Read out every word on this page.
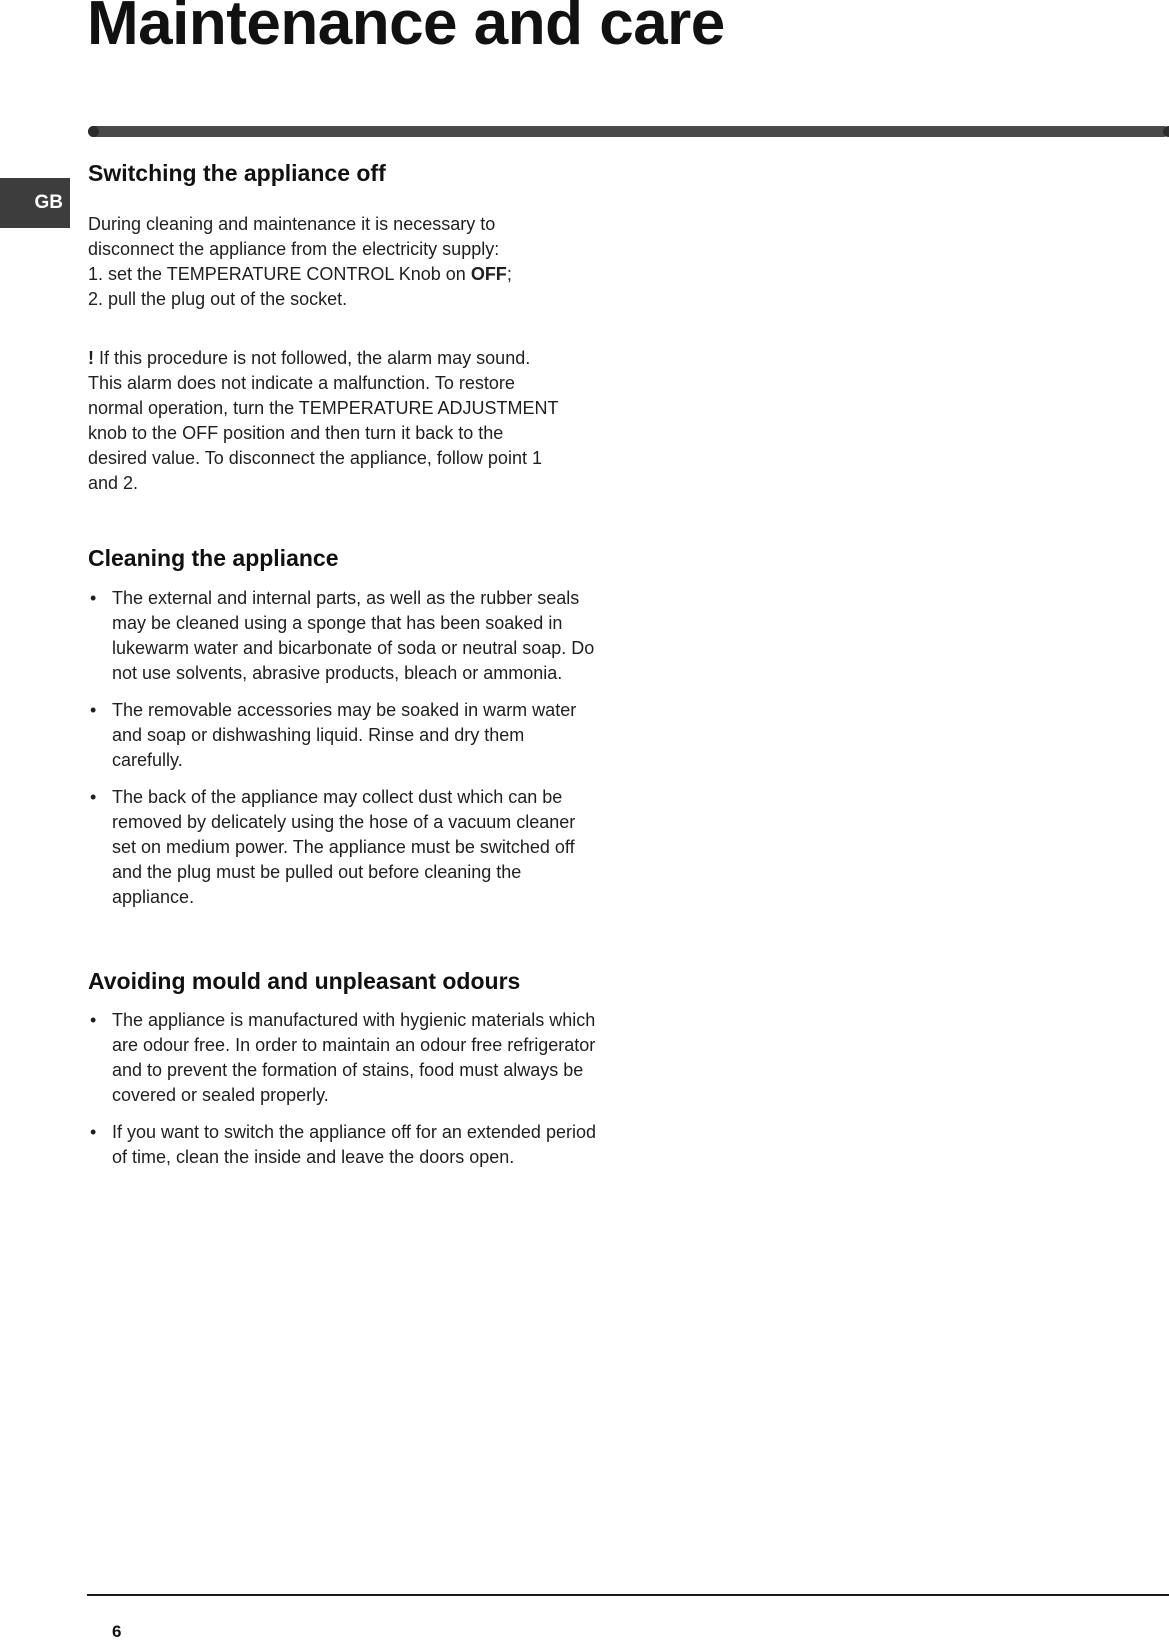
Maintenance and care
GB
Switching the appliance off
During cleaning and maintenance it is necessary to
disconnect the appliance from the electricity supply:
1. set the TEMPERATURE CONTROL Knob on OFF;
2. pull the plug out of the socket.
! If this procedure is not followed, the alarm may sound.
This alarm does not indicate a malfunction. To restore
normal operation, turn the TEMPERATURE ADJUSTMENT
knob to the OFF position and then turn it back to the
desired value. To disconnect the appliance, follow point 1
and 2.
Cleaning the appliance
• The external and internal parts, as well as the rubber seals may be cleaned using a sponge that has been soaked in lukewarm water and bicarbonate of soda or neutral soap. Do not use solvents, abrasive products, bleach or ammonia.
• The removable accessories may be soaked in warm water and soap or dishwashing liquid. Rinse and dry them carefully.
• The back of the appliance may collect dust which can be removed by delicately using the hose of a vacuum cleaner set on medium power. The appliance must be switched off and the plug must be pulled out before cleaning the appliance.
Avoiding mould and unpleasant odours
• The appliance is manufactured with hygienic materials which are odour free. In order to maintain an odour free refrigerator and to prevent the formation of stains, food must always be covered or sealed properly.
• If you want to switch the appliance off for an extended period of time, clean the inside and leave the doors open.
6
